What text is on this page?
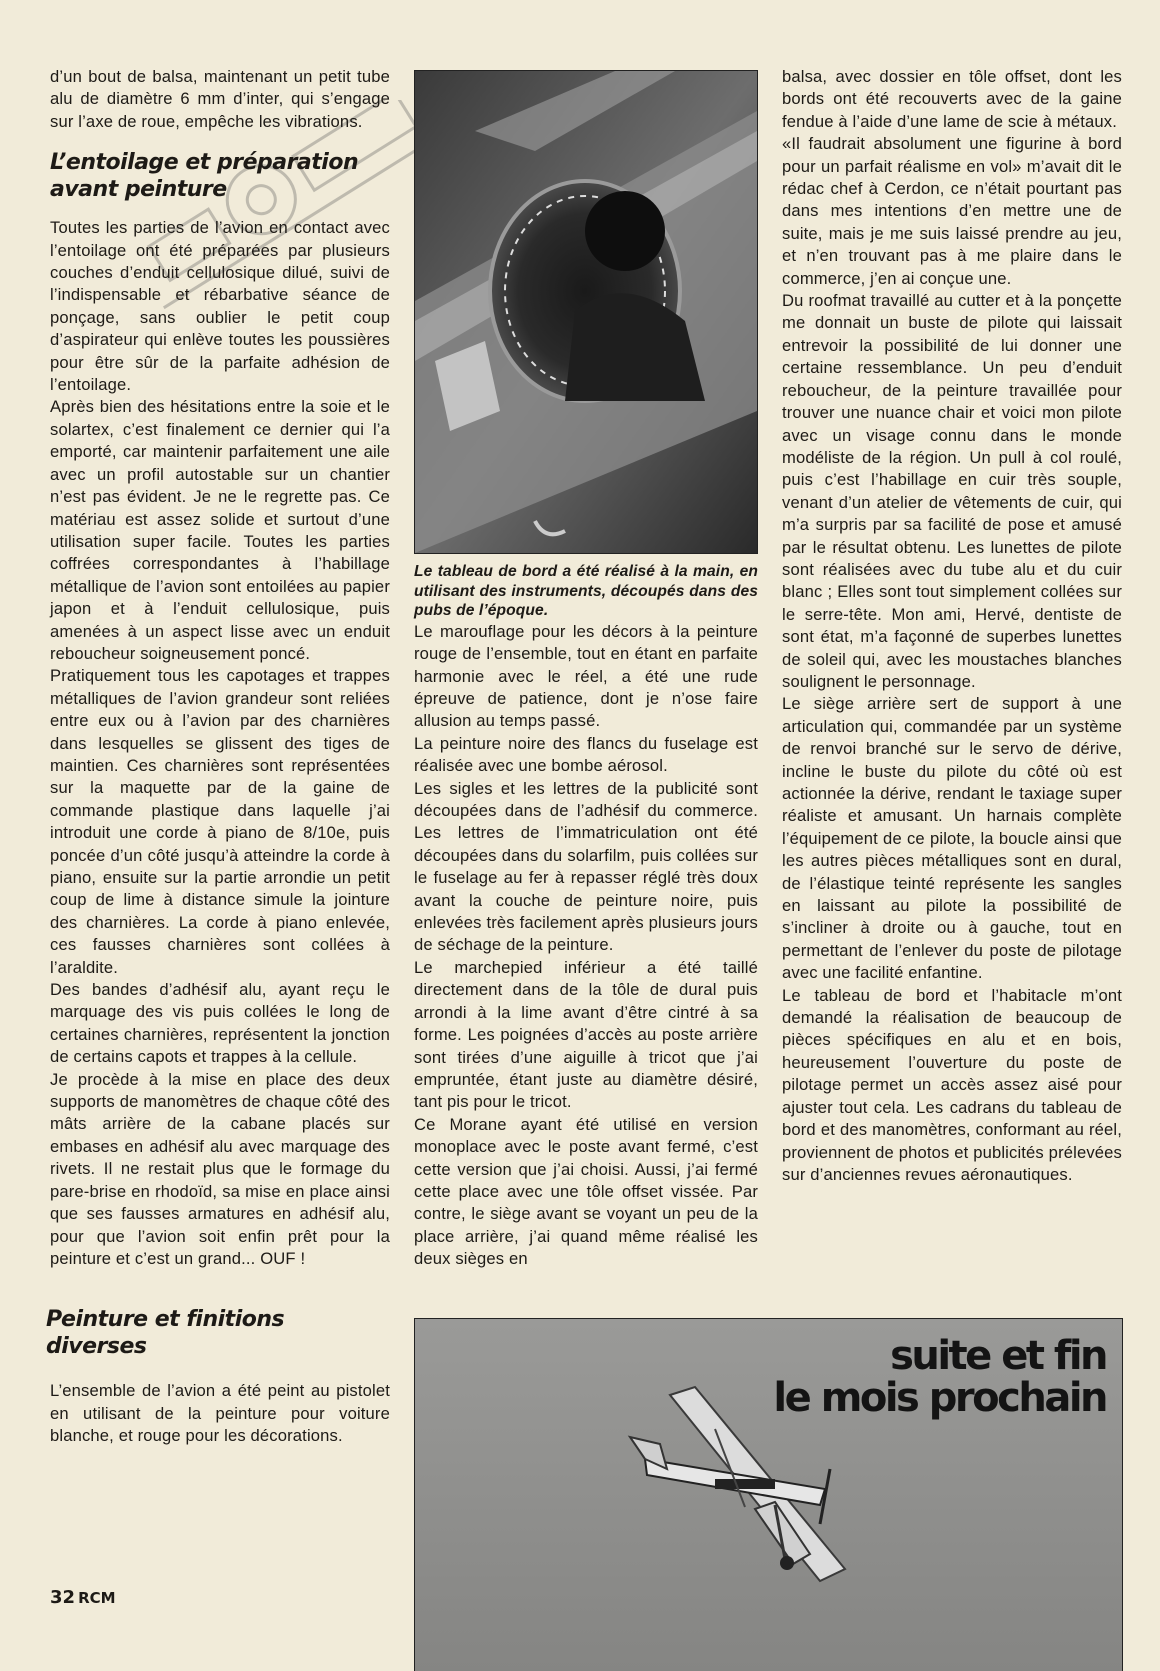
d’un bout de balsa, maintenant un petit tube alu de diamètre 6 mm d’inter, qui s’engage sur l’axe de roue, empêche les vibrations.

L’entoilage et préparation avant peinture

Toutes les parties de l’avion en contact avec l’entoilage ont été préparées par plusieurs couches d’enduit cellulosique dilué, suivi de l’indispensable et rébarbative séance de ponçage, sans oublier le petit coup d’aspirateur qui enlève toutes les poussières pour être sûr de la parfaite adhésion de l’entoilage.

Après bien des hésitations entre la soie et le solartex, c’est finalement ce dernier qui l’a emporté, car maintenir parfaitement une aile avec un profil autostable sur un chantier n’est pas évident. Je ne le regrette pas. Ce matériau est assez solide et surtout d’une utilisation super facile. Toutes les parties coffrées correspondantes à l’habillage métallique de l’avion sont entoilées au papier japon et à l’enduit cellulosique, puis amenées à un aspect lisse avec un enduit reboucheur soigneusement poncé.

Pratiquement tous les capotages et trappes métalliques de l’avion grandeur sont reliées entre eux ou à l’avion par des charnières dans lesquelles se glissent des tiges de maintien. Ces charnières sont représentées sur la maquette par de la gaine de commande plastique dans laquelle j’ai introduit une corde à piano de 8/10e, puis poncée d’un côté jusqu’à atteindre la corde à piano, ensuite sur la partie arrondie un petit coup de lime à distance simule la jointure des charnières. La corde à piano enlevée, ces fausses charnières sont collées à l’araldite.

Des bandes d’adhésif alu, ayant reçu le marquage des vis puis collées le long de certaines charnières, représentent la jonction de certains capots et trappes à la cellule.

Je procède à la mise en place des deux supports de manomètres de chaque côté des mâts arrière de la cabane placés sur embases en adhésif alu avec marquage des rivets. Il ne restait plus que le formage du pare-brise en rhodoïd, sa mise en place ainsi que ses fausses armatures en adhésif alu, pour que l’avion soit enfin prêt pour la peinture et c’est un grand... OUF !

Peinture et finitions diverses

L’ensemble de l’avion a été peint au pistolet en utilisant de la peinture pour voiture blanche, et rouge pour les décorations.

Le tableau de bord a été réalisé à la main, en utilisant des instruments, découpés dans des pubs de l’époque.

Le marouflage pour les décors à la peinture rouge de l’ensemble, tout en étant en parfaite harmonie avec le réel, a été une rude épreuve de patience, dont je n’ose faire allusion au temps passé.

La peinture noire des flancs du fuselage est réalisée avec une bombe aérosol.

Les sigles et les lettres de la publicité sont découpées dans de l’adhésif du commerce. Les lettres de l’immatriculation ont été découpées dans du solarfilm, puis collées sur le fuselage au fer à repasser réglé très doux avant la couche de peinture noire, puis enlevées très facilement après plusieurs jours de séchage de la peinture.

Le marchepied inférieur a été taillé directement dans de la tôle de dural puis arrondi à la lime avant d’être cintré à sa forme. Les poignées d’accès au poste arrière sont tirées d’une aiguille à tricot que j’ai empruntée, étant juste au diamètre désiré, tant pis pour le tricot.

Ce Morane ayant été utilisé en version monoplace avec le poste avant fermé, c’est cette version que j’ai choisi. Aussi, j’ai fermé cette place avec une tôle offset vissée. Par contre, le siège avant se voyant un peu de la place arrière, j’ai quand même réalisé les deux sièges en

balsa, avec dossier en tôle offset, dont les bords ont été recouverts avec de la gaine fendue à l’aide d’une lame de scie à métaux.

«Il faudrait absolument une figurine à bord pour un parfait réalisme en vol» m’avait dit le rédac chef à Cerdon, ce n’était pourtant pas dans mes intentions d’en mettre une de suite, mais je me suis laissé prendre au jeu, et n’en trouvant pas à me plaire dans le commerce, j’en ai conçue une.

Du roofmat travaillé au cutter et à la ponçette me donnait un buste de pilote qui laissait entrevoir la possibilité de lui donner une certaine ressemblance. Un peu d’enduit reboucheur, de la peinture travaillée pour trouver une nuance chair et voici mon pilote avec un visage connu dans le monde modéliste de la région. Un pull à col roulé, puis c’est l’habillage en cuir très souple, venant d’un atelier de vêtements de cuir, qui m’a surpris par sa facilité de pose et amusé par le résultat obtenu. Les lunettes de pilote sont réalisées avec du tube alu et du cuir blanc ; Elles sont tout simplement collées sur le serre-tête. Mon ami, Hervé, dentiste de sont état, m’a façonné de superbes lunettes de soleil qui, avec les moustaches blanches soulignent le personnage.

Le siège arrière sert de support à une articulation qui, commandée par un système de renvoi branché sur le servo de dérive, incline le buste du pilote du côté où est actionnée la dérive, rendant le taxiage super réaliste et amusant. Un harnais complète l’équipement de ce pilote, la boucle ainsi que les autres pièces métalliques sont en dural, de l’élastique teinté représente les sangles en laissant au pilote la possibilité de s’incliner à droite ou à gauche, tout en permettant de l’enlever du poste de pilotage avec une facilité enfantine.

Le tableau de bord et l’habitacle m’ont demandé la réalisation de beaucoup de pièces spécifiques en alu et en bois, heureusement l’ouverture du poste de pilotage permet un accès assez aisé pour ajuster tout cela. Les cadrans du tableau de bord et des manomètres, conformant au réel, proviennent de photos et publicités prélevées sur d’anciennes revues aéronautiques.

suite et fin
le mois prochain
32 RCM
